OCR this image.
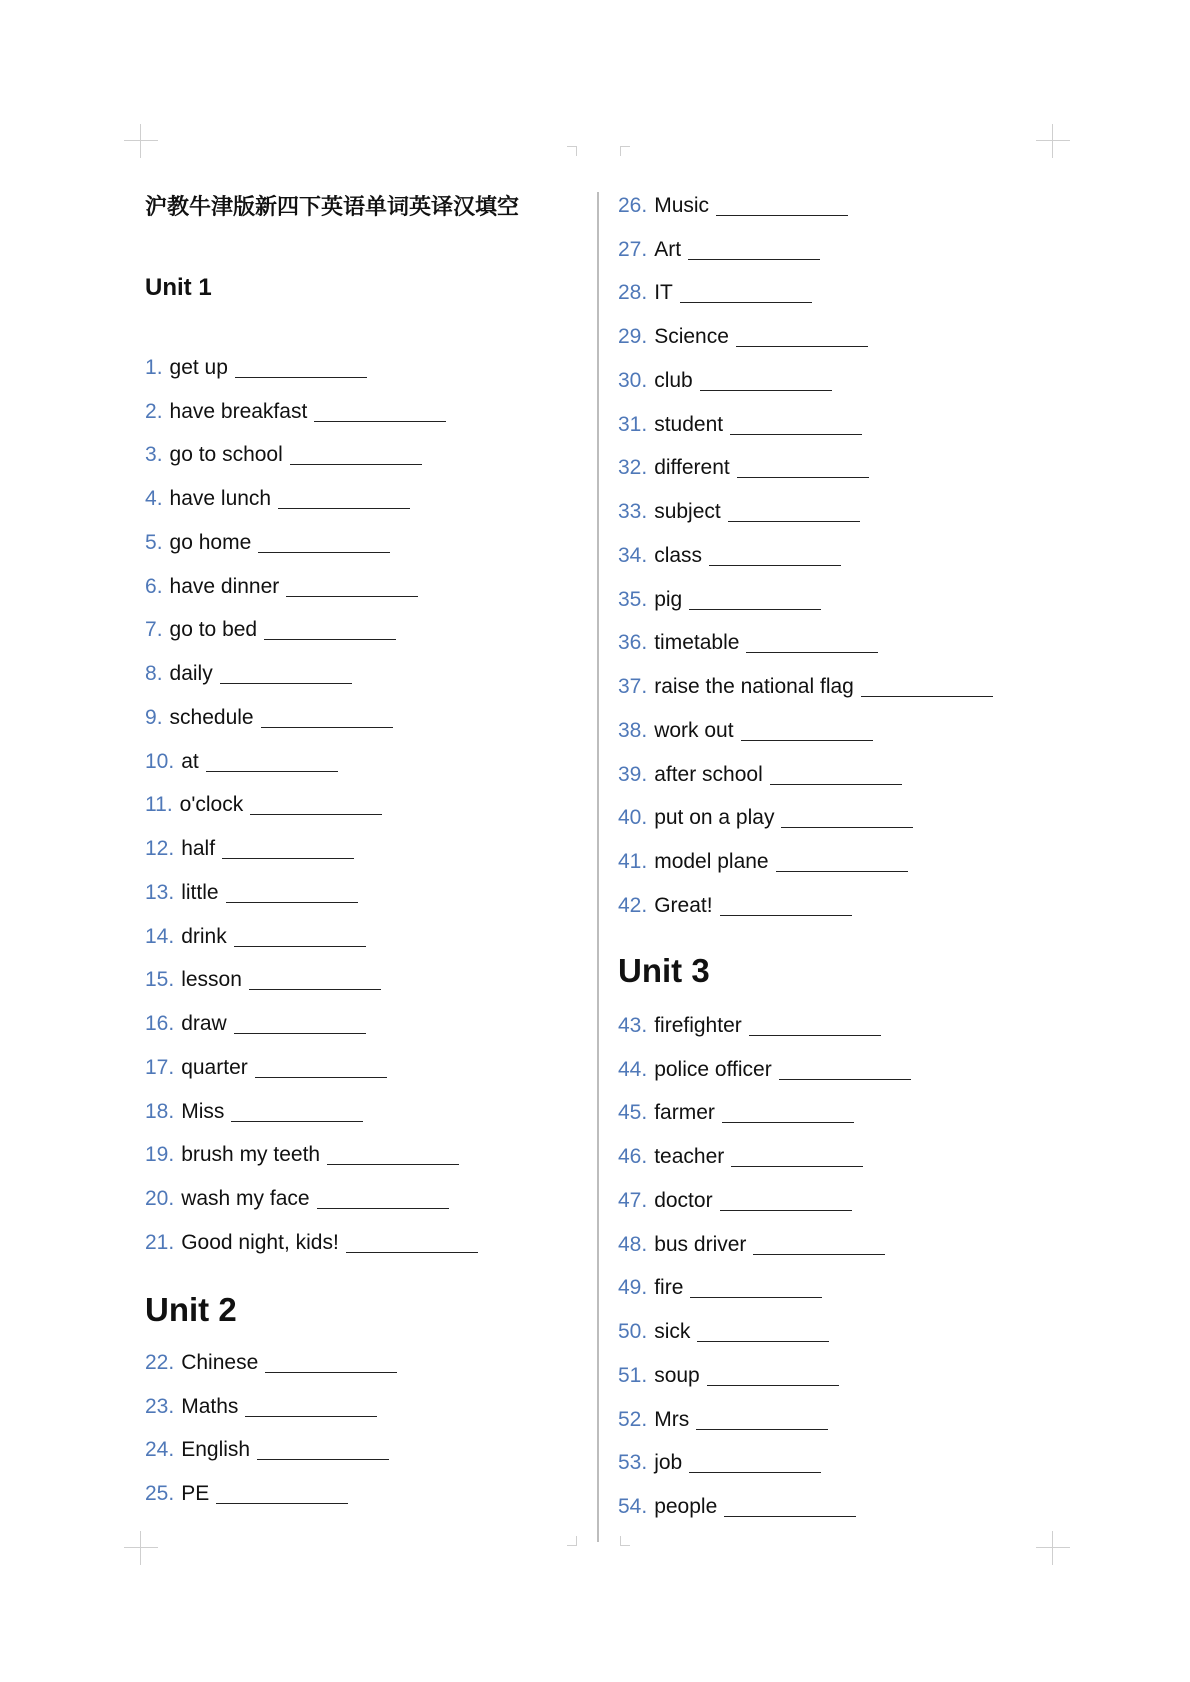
沪教牛津版新四下英语单词英译汉填空
Unit 1
1 . get up
2 . have breakfast
3 . go to school
4 . have lunch
5 . go home
6 . have dinner
7 . go to bed
8 . daily
9 . schedule
10 . at
11 . o'clock
12 . half
13 . little
14 . drink
15 . lesson
16 . draw
17 . quarter
18 . Miss
19 . brush my teeth
20 . wash my face
21 . Good night, kids!
Unit 2
22 . Chinese
23 . Maths
24 . English
25 . PE
26 . Music
27 . Art
28 . IT
29 . Science
30 . club
31 . student
32 . different
33 . subject
34 . class
35 . pig
36 . timetable
37 . raise the national flag
38 . work out
39 . after school
40 . put on a play
41 . model plane
42 . Great!
Unit 3
43 . firefighter
44 . police officer
45 . farmer
46 . teacher
47 . doctor
48 . bus driver
49 . fire
50 . sick
51 . soup
52 . Mrs
53 . job
54 . people
